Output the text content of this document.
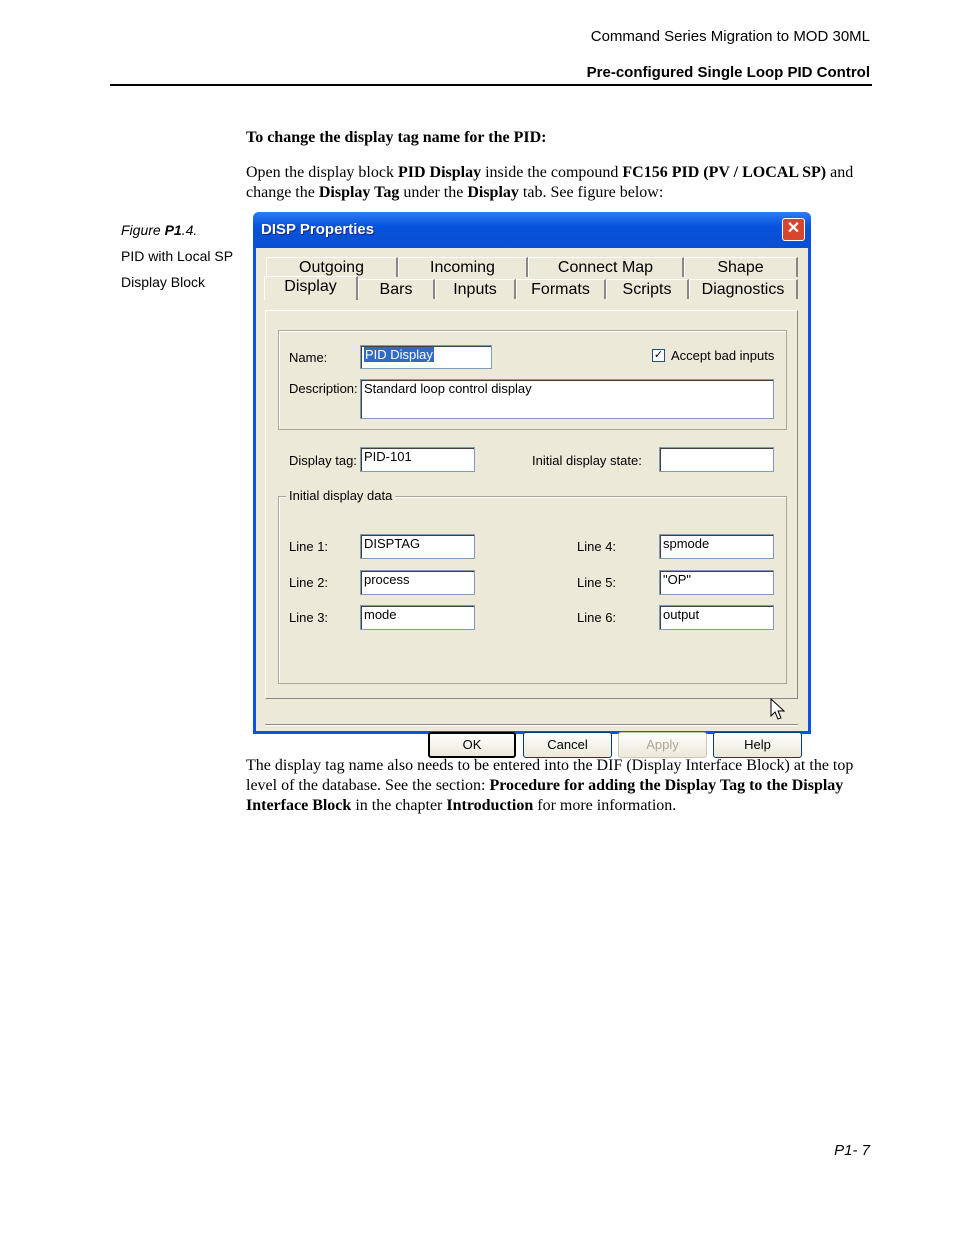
Command Series Migration to MOD 30ML
Pre-configured Single Loop PID Control
To change the display tag name for the PID:
Open the display block PID Display inside the compound FC156 PID (PV / LOCAL SP) and change the Display Tag under the Display tab. See figure below:
Figure P1.4.
PID with Local SP
Display Block
DISP Properties	✕
Outgoing	Incoming	Connect Map	Shape
Display	Bars	Inputs	Formats	Scripts	Diagnostics
Name:	PID Display	✓ Accept bad inputs
Description: Standard loop control display
Display tag: PID-101	Initial display state:
Initial display data
Line 1:	DISPTAG
Line 2:	process
Line 3:	mode
Line 4:	spmode
Line 5:	"OP"
Line 6:	output
OK	Cancel	Apply	Help
The display tag name also needs to be entered into the DIF (Display Interface Block) at the top level of the database. See the section: Procedure for adding the Display Tag to the Display Interface Block in the chapter Introduction for more information.
P1- 7
